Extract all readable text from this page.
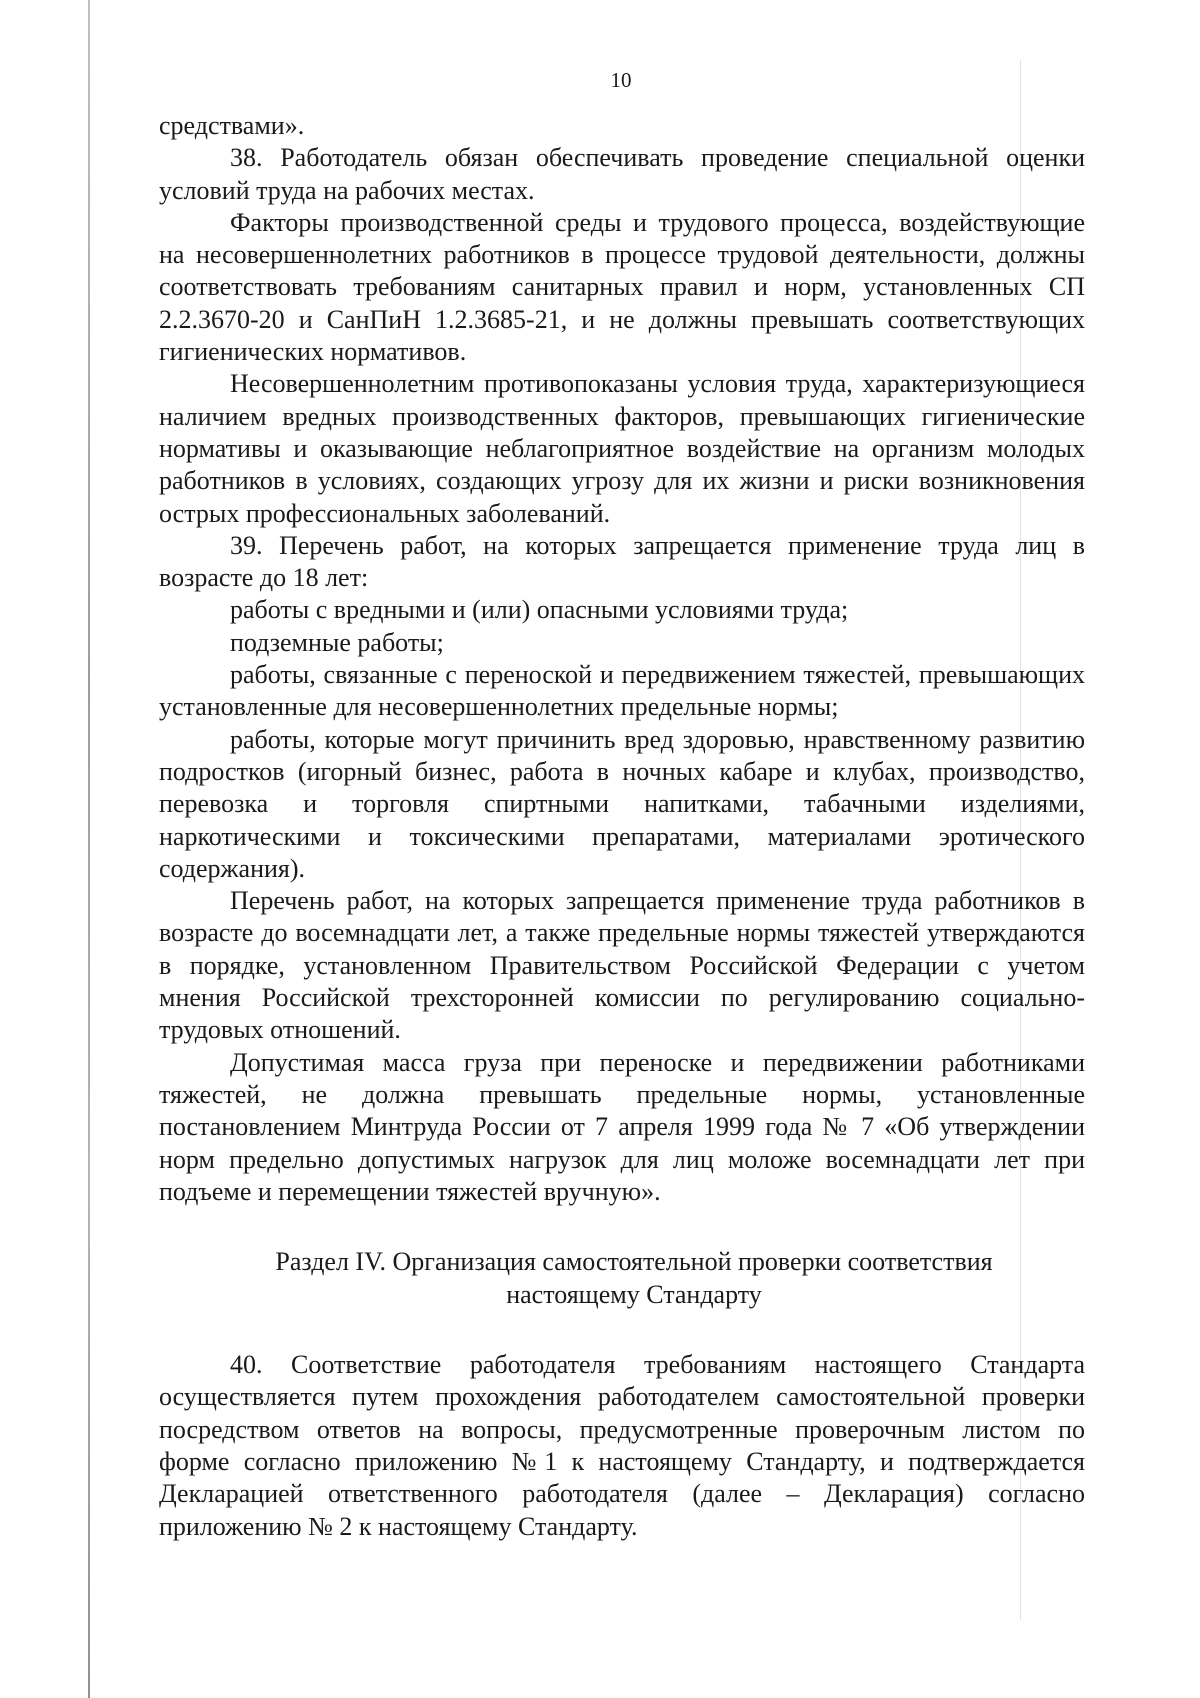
10

средствами».

38. Работодатель обязан обеспечивать проведение специальной оценки условий труда на рабочих местах.

Факторы производственной среды и трудового процесса, воздействующие на несовершеннолетних работников в процессе трудовой деятельности, должны соответствовать требованиям санитарных правил и норм, установленных СП 2.2.3670-20 и СанПиН 1.2.3685-21, и не должны превышать соответствующих гигиенических нормативов.

Несовершеннолетним противопоказаны условия труда, характеризующиеся наличием вредных производственных факторов, превышающих гигиенические нормативы и оказывающие неблагоприятное воздействие на организм молодых работников в условиях, создающих угрозу для их жизни и риски возникновения острых профессиональных заболеваний.

39. Перечень работ, на которых запрещается применение труда лиц в возрасте до 18 лет:

работы с вредными и (или) опасными условиями труда;

подземные работы;

работы, связанные с переноской и передвижением тяжестей, превышающих установленные для несовершеннолетних предельные нормы;

работы, которые могут причинить вред здоровью, нравственному развитию подростков (игорный бизнес, работа в ночных кабаре и клубах, производство, перевозка и торговля спиртными напитками, табачными изделиями, наркотическими и токсическими препаратами, материалами эротического содержания).

Перечень работ, на которых запрещается применение труда работников в возрасте до восемнадцати лет, а также предельные нормы тяжестей утверждаются в порядке, установленном Правительством Российской Федерации с учетом мнения Российской трехсторонней комиссии по регулированию социально-трудовых отношений.

Допустимая масса груза при переноске и передвижении работниками тяжестей, не должна превышать предельные нормы, установленные постановлением Минтруда России от 7 апреля 1999 года № 7 «Об утверждении норм предельно допустимых нагрузок для лиц моложе восемнадцати лет при подъеме и перемещении тяжестей вручную».

Раздел IV. Организация самостоятельной проверки соответствия
настоящему Стандарту

40. Соответствие работодателя требованиям настоящего Стандарта осуществляется путем прохождения работодателем самостоятельной проверки посредством ответов на вопросы, предусмотренные проверочным листом по форме согласно приложению №1 к настоящему Стандарту, и подтверждается Декларацией ответственного работодателя (далее – Декларация) согласно приложению № 2 к настоящему Стандарту.
